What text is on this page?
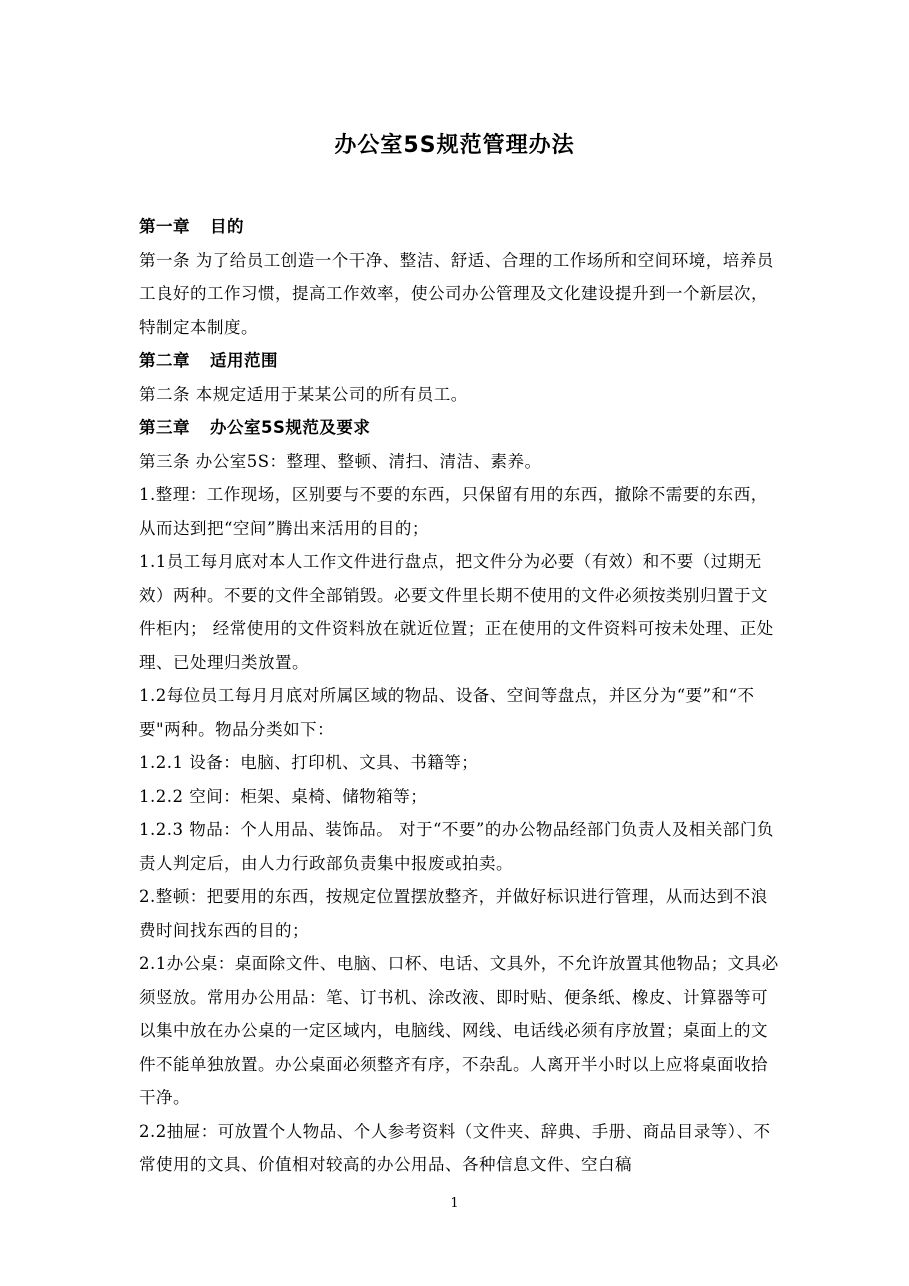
办公室5S规范管理办法

第一章 目的

第一条 为了给员工创造一个干净、整洁、舒适、合理的工作场所和空间环境，培养员工良好的工作习惯，提高工作效率，使公司办公管理及文化建设提升到一个新层次，特制定本制度。

第二章 适用范围

第二条 本规定适用于某某公司的所有员工。

第三章 办公室5S规范及要求

第三条 办公室5S：整理、整顿、清扫、清洁、素养。

1.整理：工作现场，区别要与不要的东西，只保留有用的东西，撤除不需要的东西，从而达到把“空间”腾出来活用的目的；

1.1员工每月底对本人工作文件进行盘点，把文件分为必要（有效）和不要（过期无效）两种。不要的文件全部销毁。必要文件里长期不使用的文件必须按类别归置于文件柜内； 经常使用的文件资料放在就近位置；正在使用的文件资料可按未处理、正处理、已处理归类放置。

1.2每位员工每月月底对所属区域的物品、设备、空间等盘点，并区分为“要”和“不要"两种。物品分类如下：

1.2.1 设备：电脑、打印机、文具、书籍等；

1.2.2 空间：柜架、桌椅、储物箱等；

1.2.3 物品：个人用品、装饰品。 对于“不要”的办公物品经部门负责人及相关部门负责人判定后，由人力行政部负责集中报废或拍卖。

2.整顿：把要用的东西，按规定位置摆放整齐，并做好标识进行管理，从而达到不浪费时间找东西的目的；

2.1办公桌：桌面除文件、电脑、口杯、电话、文具外，不允许放置其他物品；文具必须竖放。常用办公用品：笔、订书机、涂改液、即时贴、便条纸、橡皮、计算器等可以集中放在办公桌的一定区域内，电脑线、网线、电话线必须有序放置；桌面上的文件不能单独放置。办公桌面必须整齐有序，不杂乱。人离开半小时以上应将桌面收拾干净。

2.2抽屉：可放置个人物品、个人参考资料（文件夹、辞典、手册、商品目录等）、不常使用的文具、价值相对较高的办公用品、各种信息文件、空白稿

1
